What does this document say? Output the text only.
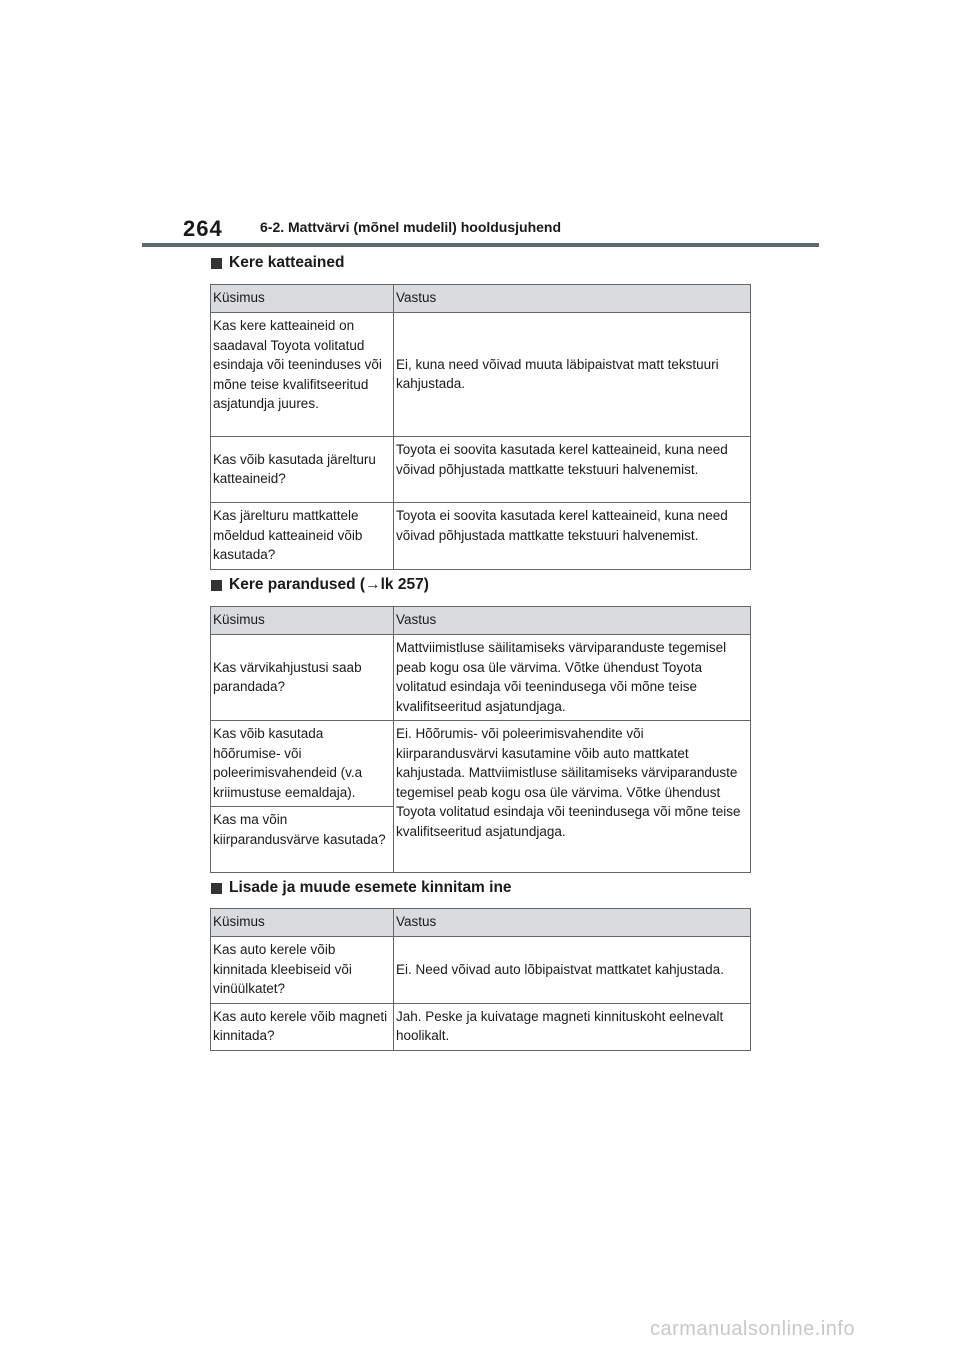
264	6-2. Mattvärvi (mõnel mudelil) hooldusjuhend
Kere katteained
Küsimus	Vastus
Kas kere katteaineid on saadaval Toyota volitatud esindaja või teeninduses või mõne teise kvalifitseeritud asjatundja juures.	Ei, kuna need võivad muuta läbipaistvat matt tekstuuri kahjustada.
Kas võib kasutada järelturu katteaineid?	Toyota ei soovita kasutada kerel katteaineid, kuna need võivad põhjustada mattkatte tekstuuri halvenemist.
Kas järelturu mattkattele mõeldud katteaineid võib kasutada?	Toyota ei soovita kasutada kerel katteaineid, kuna need võivad põhjustada mattkatte tekstuuri halvenemist.
Kere parandused (→lk 257)
Küsimus	Vastus
Kas värvikahjustusi saab parandada?	Mattviimistluse säilitamiseks värviparanduste tegemisel peab kogu osa üle värvima. Võtke ühendust Toyota volitatud esindaja või teenindusega või mõne teise kvalifitseeritud asjatundjaga.
Kas võib kasutada hõõrumise- või poleerimisvahendeid (v.a kriimustuse eemaldaja).	Ei. Hõõrumis- või poleerimisvahendite või kiirparandusvärvi kasutamine võib auto mattkatet kahjustada. Mattviimistluse säilitamiseks värviparanduste tegemisel peab kogu osa üle värvima. Võtke ühendust Toyota volitatud esindaja või teenindusega või mõne teise kvalifitseeritud asjatundjaga.
Kas ma võin kiirparandusvärve kasutada?	
Lisade ja muude esemete kinnitam ine
Küsimus	Vastus
Kas auto kerele võib kinnitada kleebiseid või vinüülkatet?	Ei. Need võivad auto lõbipaistvat mattkatet kahjustada.
Kas auto kerele võib magneti kinnitada?	Jah. Peske ja kuivatage magneti kinnituskoht eelnevalt hoolikalt.
carmanualsonline.info
